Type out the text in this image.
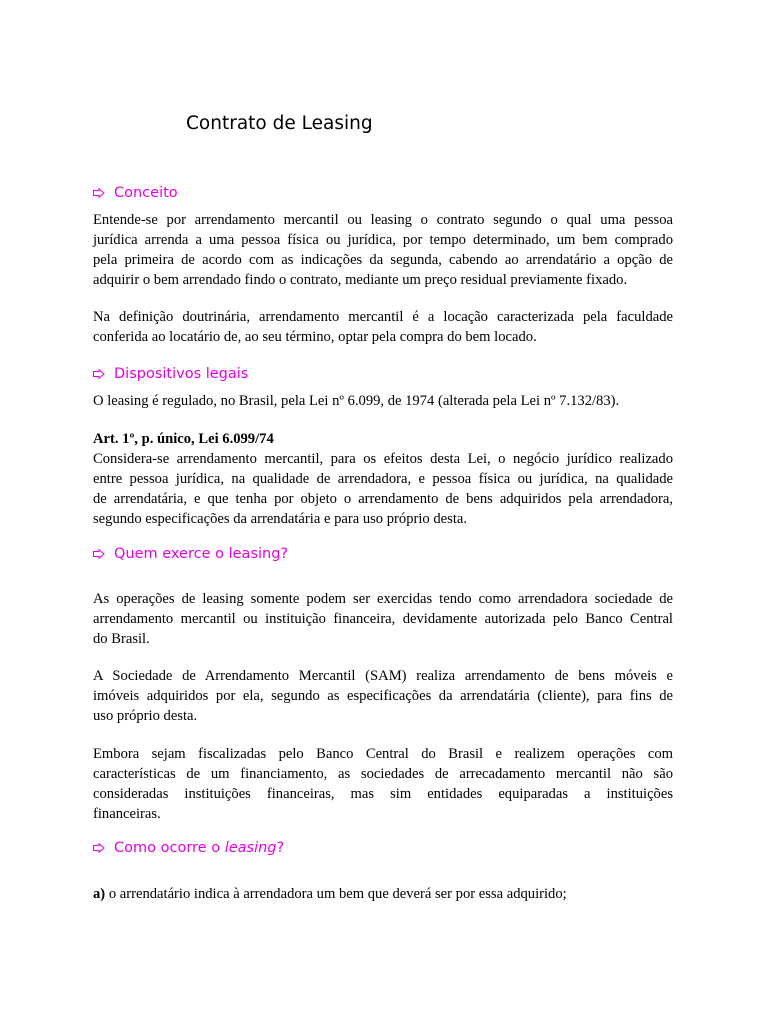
Contrato de Leasing
Conceito
Entende-se por arrendamento mercantil ou leasing o contrato segundo o qual uma pessoa
jurídica arrenda a uma pessoa física ou jurídica, por tempo determinado, um bem comprado
pela primeira de acordo com as indicações da segunda, cabendo ao arrendatário a opção de
adquirir o bem arrendado findo o contrato, mediante um preço residual previamente fixado.
Na definição doutrinária, arrendamento mercantil é a locação caracterizada pela faculdade
conferida ao locatário de, ao seu término, optar pela compra do bem locado.
Dispositivos legais
O leasing é regulado, no Brasil, pela Lei nº 6.099, de 1974 (alterada pela Lei nº 7.132/83).
Art. 1º, p. único, Lei 6.099/74
Considera-se arrendamento mercantil, para os efeitos desta Lei, o negócio jurídico realizado
entre pessoa jurídica, na qualidade de arrendadora, e pessoa física ou jurídica, na qualidade
de arrendatária, e que tenha por objeto o arrendamento de bens adquiridos pela arrendadora,
segundo especificações da arrendatária e para uso próprio desta.
Quem exerce o leasing?
As operações de leasing somente podem ser exercidas tendo como arrendadora sociedade de
arrendamento mercantil ou instituição financeira, devidamente autorizada pelo Banco Central
do Brasil.
A Sociedade de Arrendamento Mercantil (SAM) realiza arrendamento de bens móveis e
imóveis adquiridos por ela, segundo as especificações da arrendatária (cliente), para fins de
uso próprio desta.
Embora sejam fiscalizadas pelo Banco Central do Brasil e realizem operações com
características de um financiamento, as sociedades de arrecadamento mercantil não são
consideradas instituições financeiras, mas sim entidades equiparadas a instituições
financeiras.
Como ocorre o leasing?
a) o arrendatário indica à arrendadora um bem que deverá ser por essa adquirido;
